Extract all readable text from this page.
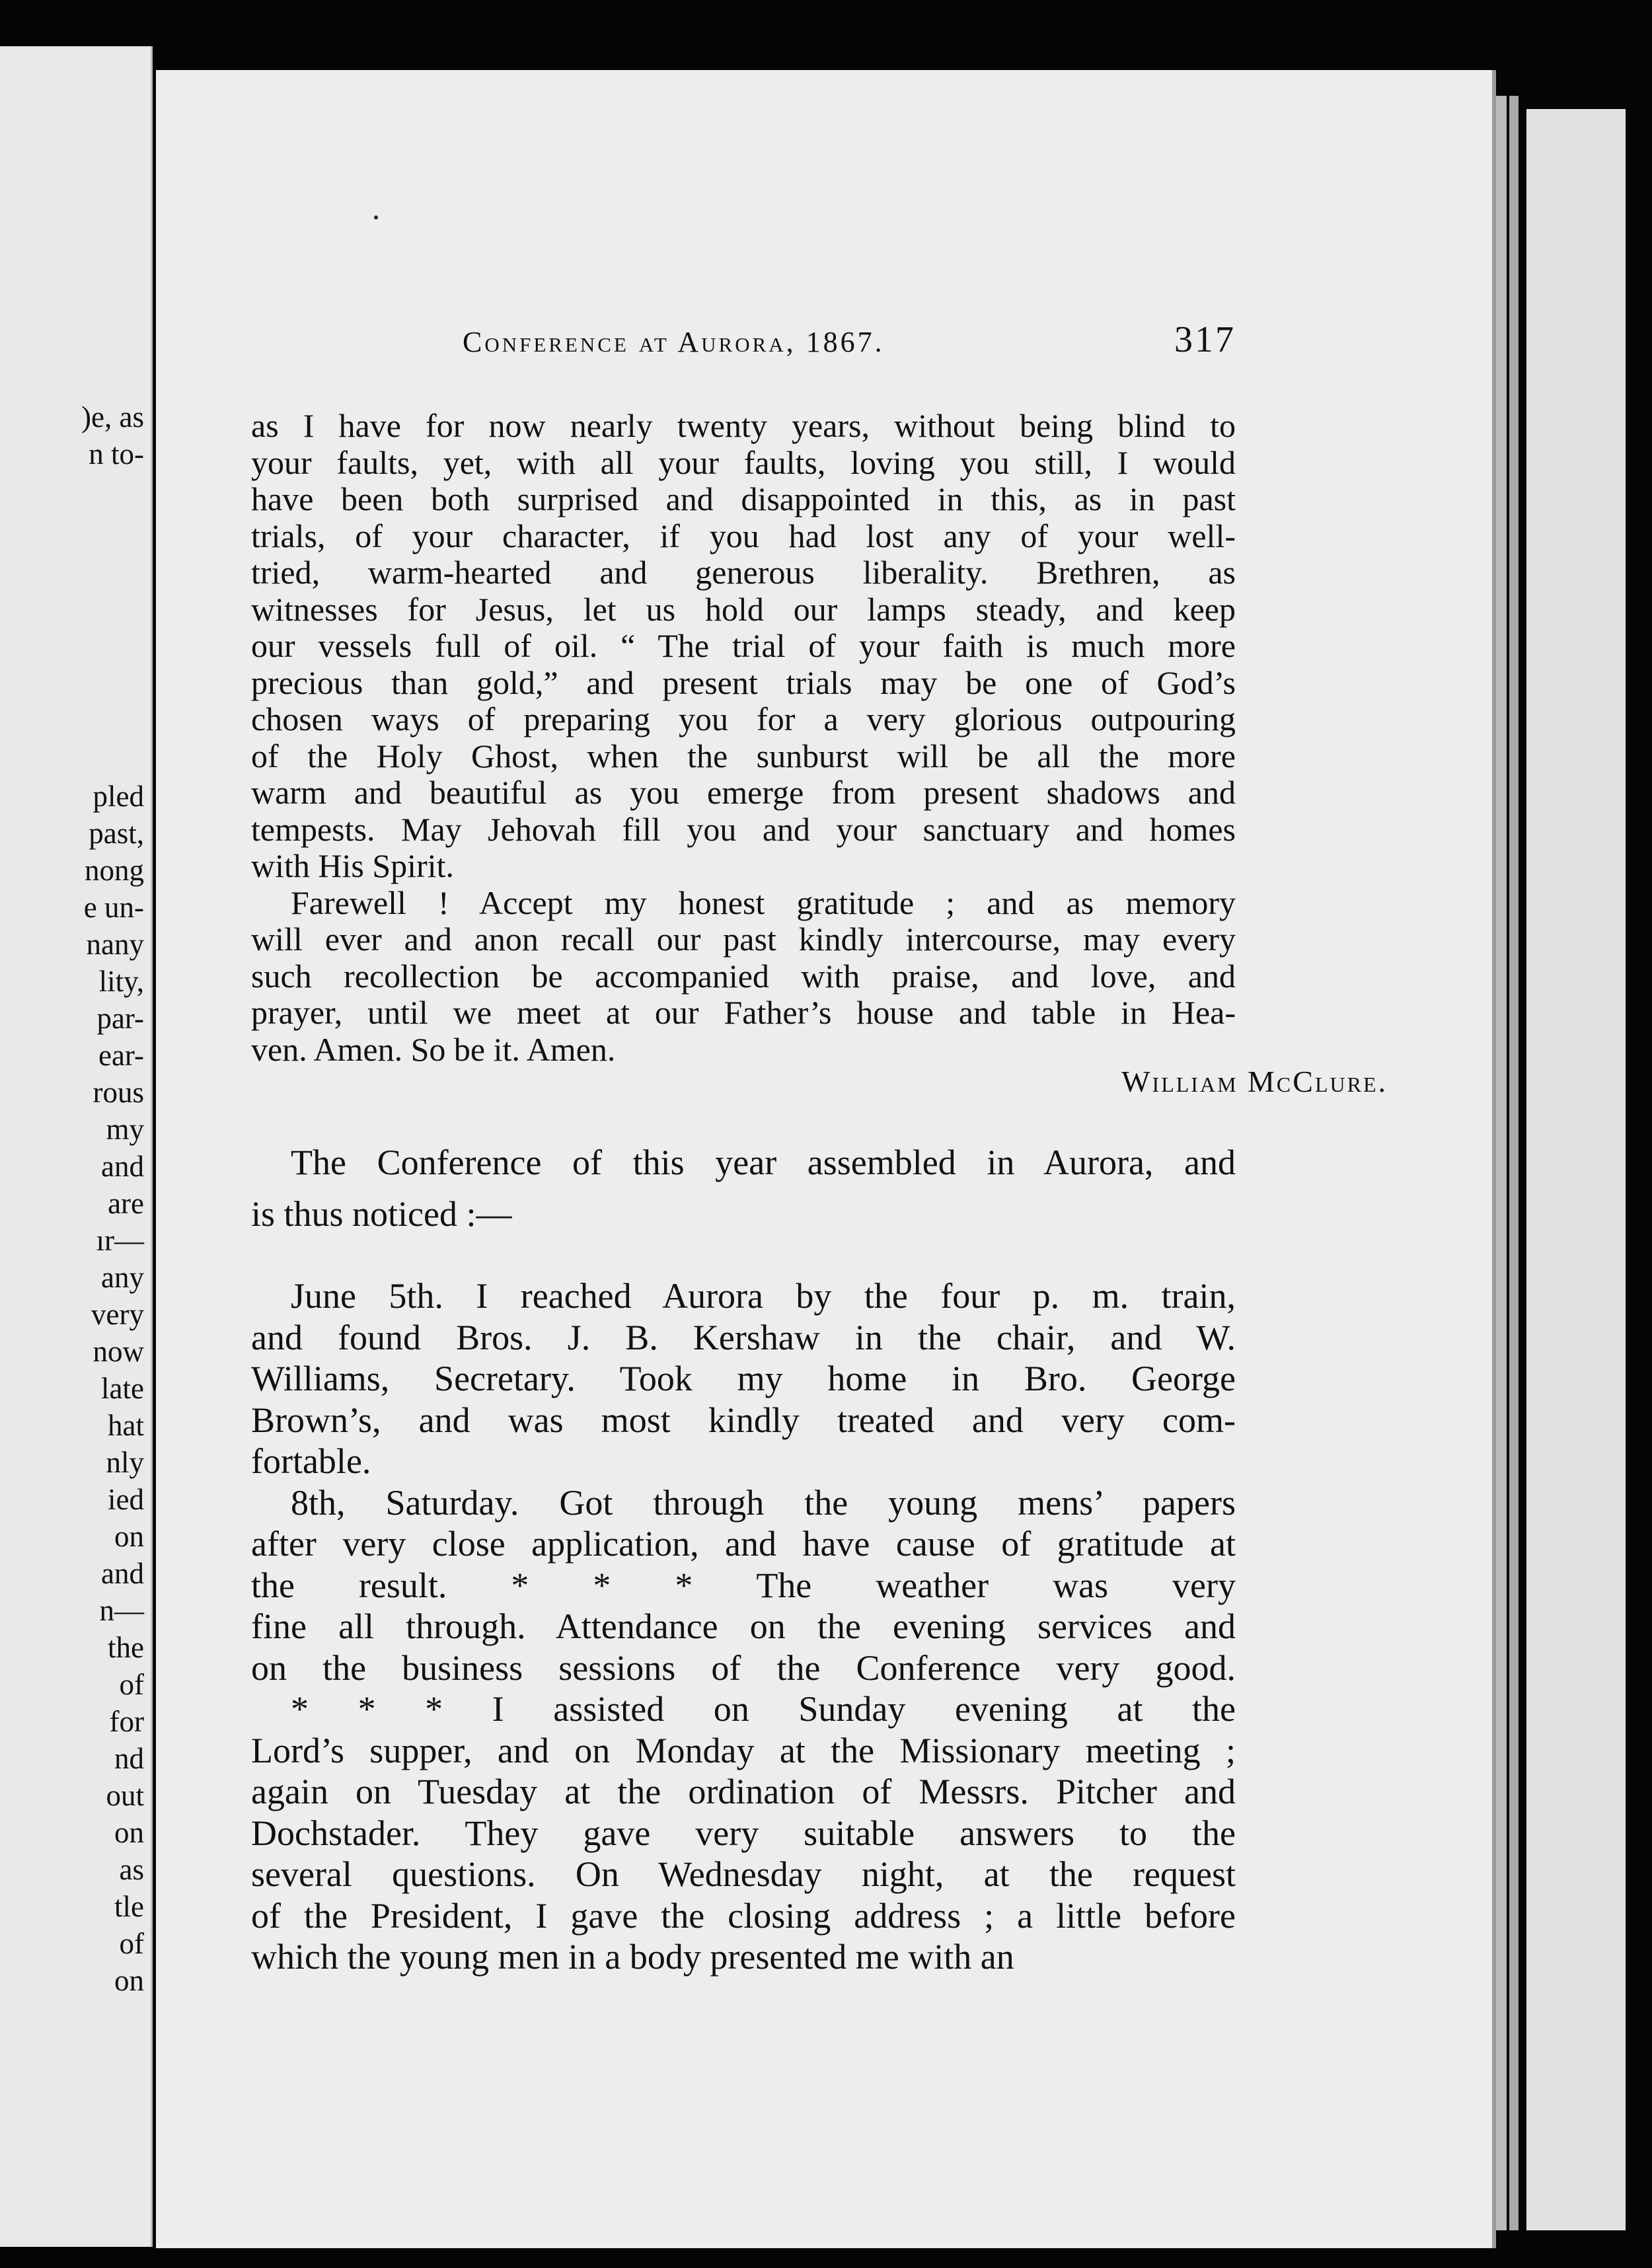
)e, as
n to-
pled
past,
nong
e un-
nany
lity,
par-
ear-
rous
my
and
are
ır—
any
very
now
late
hat
nly
ied
on
and
n—
the
of
for
nd
out
on
as
tle
of
on
Conference at Aurora, 1867.	317
as I have for now nearly twenty years, without being blind to
your faults, yet, with all your faults, loving you still, I would
have been both surprised and disappointed in this, as in past
trials, of your character, if you had lost any of your well-
tried, warm-hearted and generous liberality. Brethren, as
witnesses for Jesus, let us hold our lamps steady, and keep
our vessels full of oil. “ The trial of your faith is much more
precious than gold,” and present trials may be one of God’s
chosen ways of preparing you for a very glorious outpouring
of the Holy Ghost, when the sunburst will be all the more
warm and beautiful as you emerge from present shadows and
tempests. May Jehovah fill you and your sanctuary and homes
with His Spirit.
Farewell ! Accept my honest gratitude ; and as memory
will ever and anon recall our past kindly intercourse, may every
such recollection be accompanied with praise, and love, and
prayer, until we meet at our Father’s house and table in Hea-
ven. Amen. So be it. Amen.
William McClure.
The Conference of this year assembled in Aurora, and
is thus noticed :—
June 5th. I reached Aurora by the four p. m. train,
and found Bros. J. B. Kershaw in the chair, and W.
Williams, Secretary. Took my home in Bro. George
Brown’s, and was most kindly treated and very com-
fortable.
8th, Saturday. Got through the young mens’ papers
after very close application, and have cause of gratitude at
the result. * * * The weather was very
fine all through. Attendance on the evening services and
on the business sessions of the Conference very good.
* * * I assisted on Sunday evening at the
Lord’s supper, and on Monday at the Missionary meeting ;
again on Tuesday at the ordination of Messrs. Pitcher and
Dochstader. They gave very suitable answers to the
several questions. On Wednesday night, at the request
of the President, I gave the closing address ; a little before
which the young men in a body presented me with an
